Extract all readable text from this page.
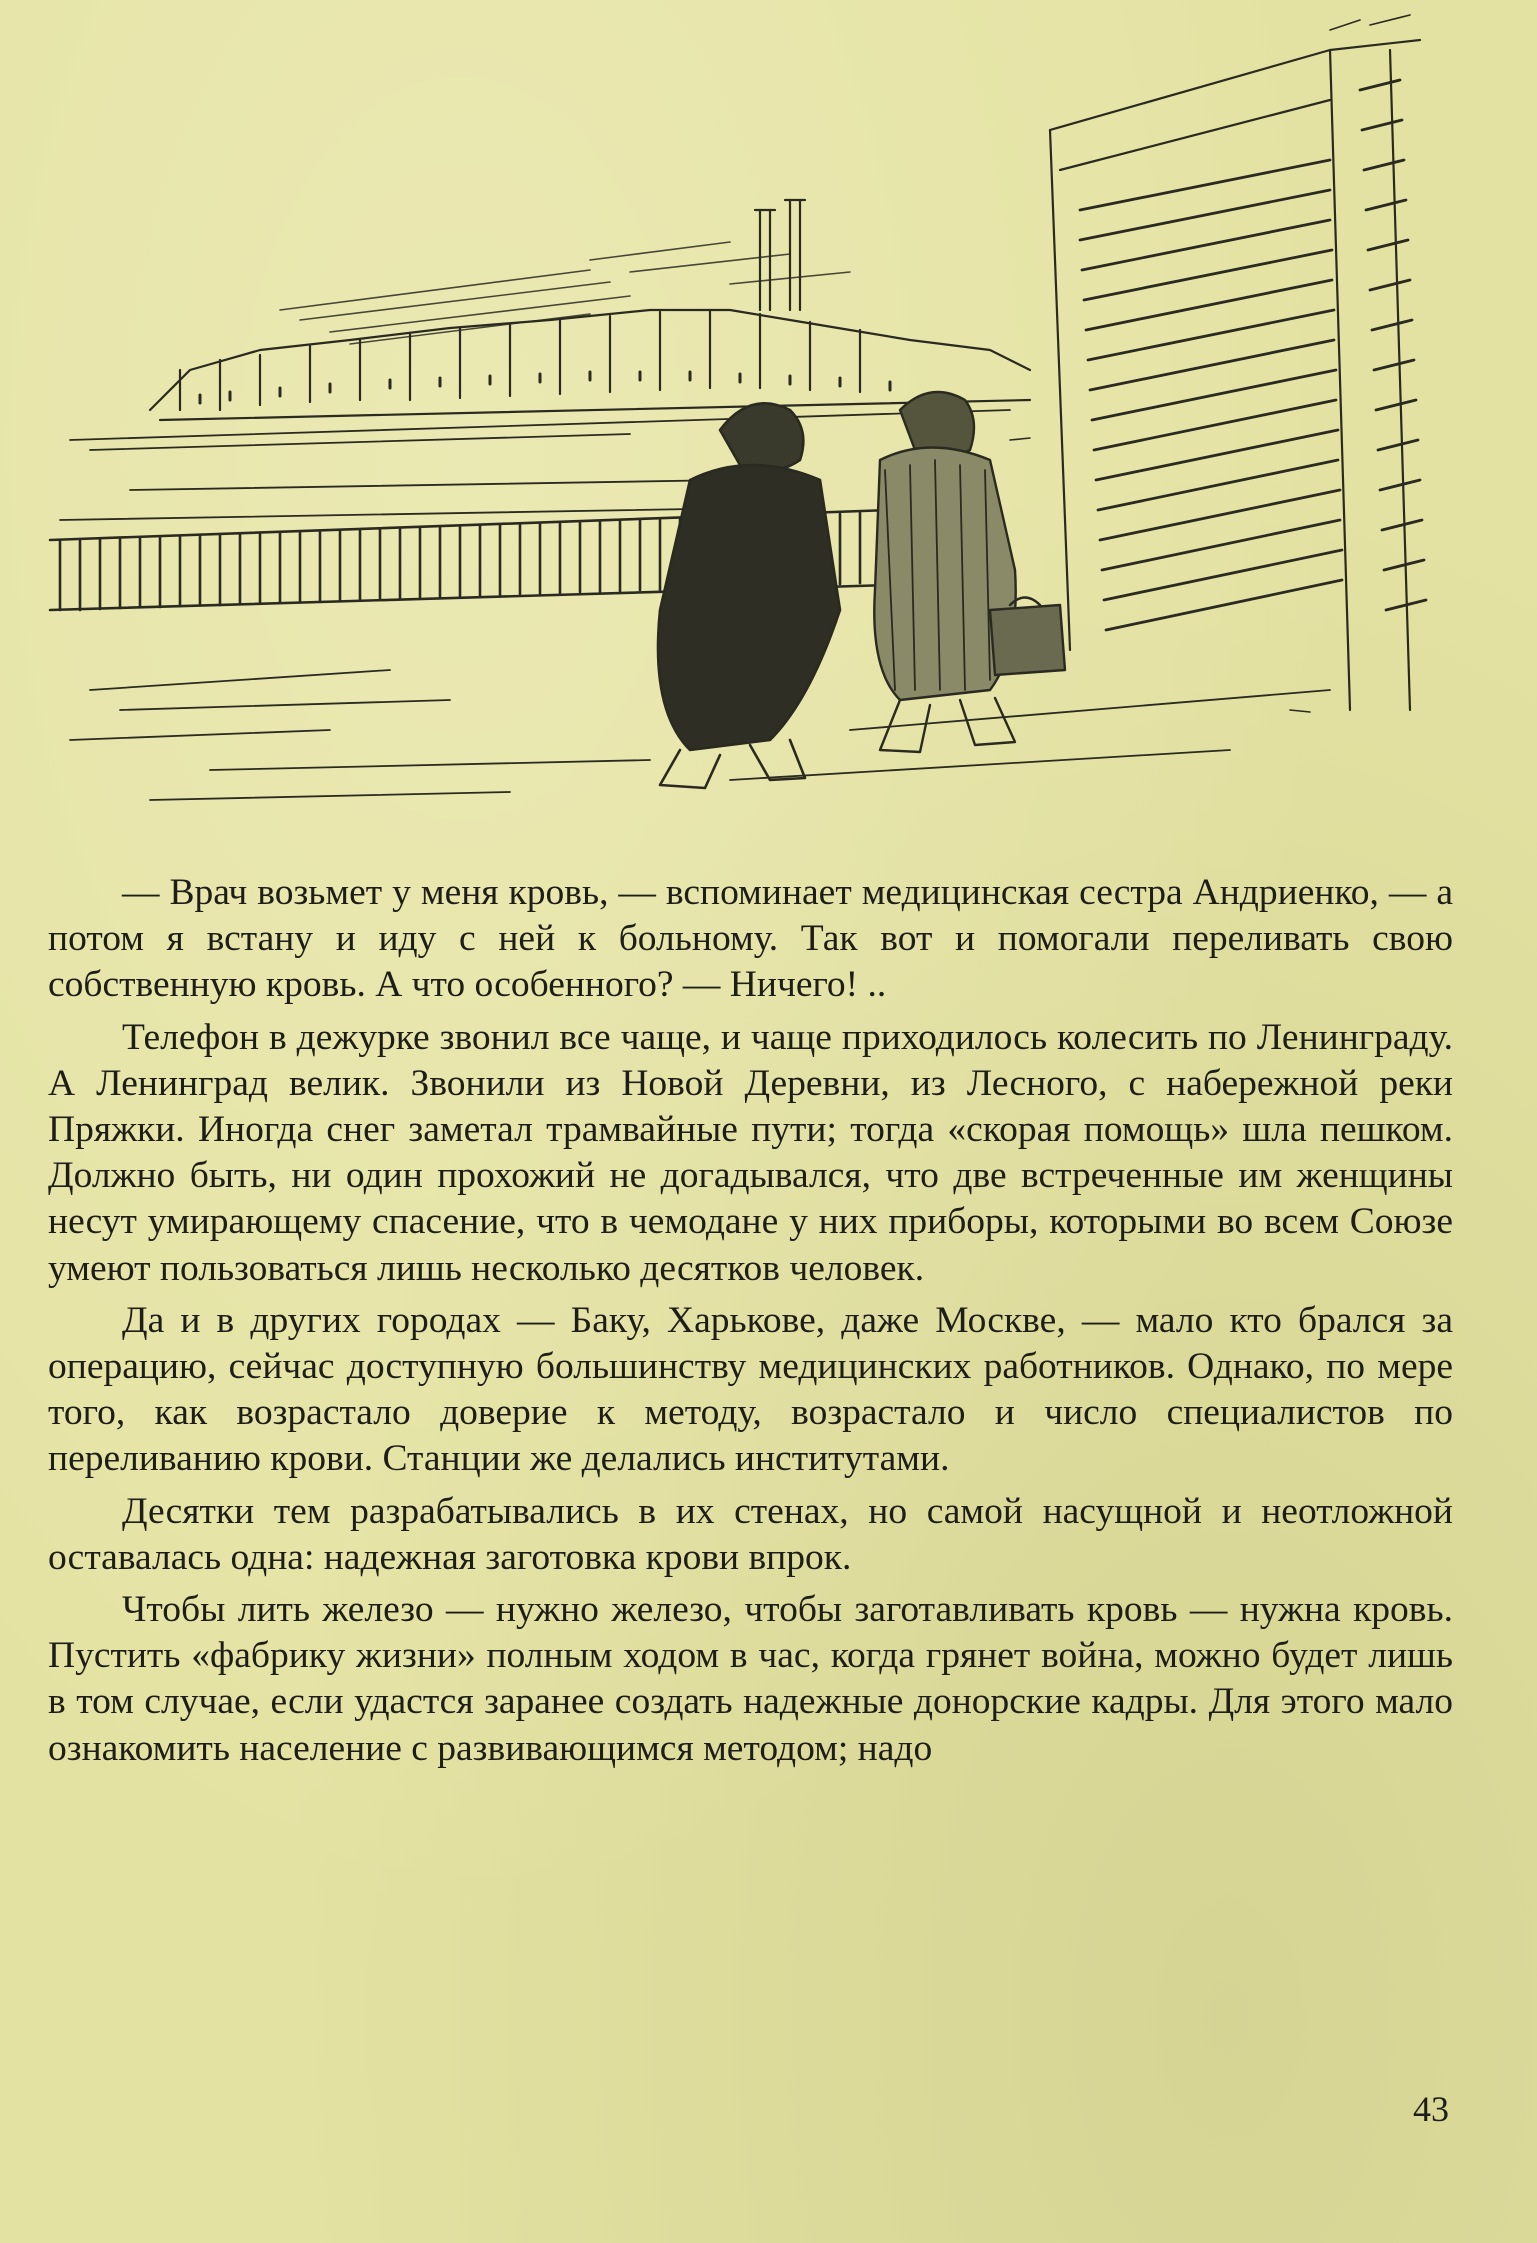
— Врач возьмет у меня кровь, — вспоминает медицинская сестра Андриенко, — а потом я встану и иду с ней к больному. Так вот и помогали переливать свою собственную кровь. А что особенного? — Ничего! ..

Телефон в дежурке звонил все чаще, и чаще приходилось колесить по Ленинграду. А Ленинград велик. Звонили из Новой Деревни, из Лесного, с набережной реки Пряжки. Иногда снег заметал трамвайные пути; тогда «скорая помощь» шла пешком. Должно быть, ни один прохожий не догадывался, что две встреченные им женщины несут умирающему спасение, что в чемодане у них приборы, которыми во всем Союзе умеют пользоваться лишь несколько десятков человек.

Да и в других городах — Баку, Харькове, даже Москве, — мало кто брался за операцию, сейчас доступную большинству медицинских работников. Однако, по мере того, как возрастало доверие к методу, возрастало и число специалистов по переливанию крови. Станции же делались институтами.

Десятки тем разрабатывались в их стенах, но самой насущной и неотложной оставалась одна: надежная заготовка крови впрок.

Чтобы лить железо — нужно железо, чтобы заготавливать кровь — нужна кровь. Пустить «фабрику жизни» полным ходом в час, когда грянет война, можно будет лишь в том случае, если удастся заранее создать надежные донорские кадры. Для этого мало ознакомить население с развивающимся методом; надо

43
